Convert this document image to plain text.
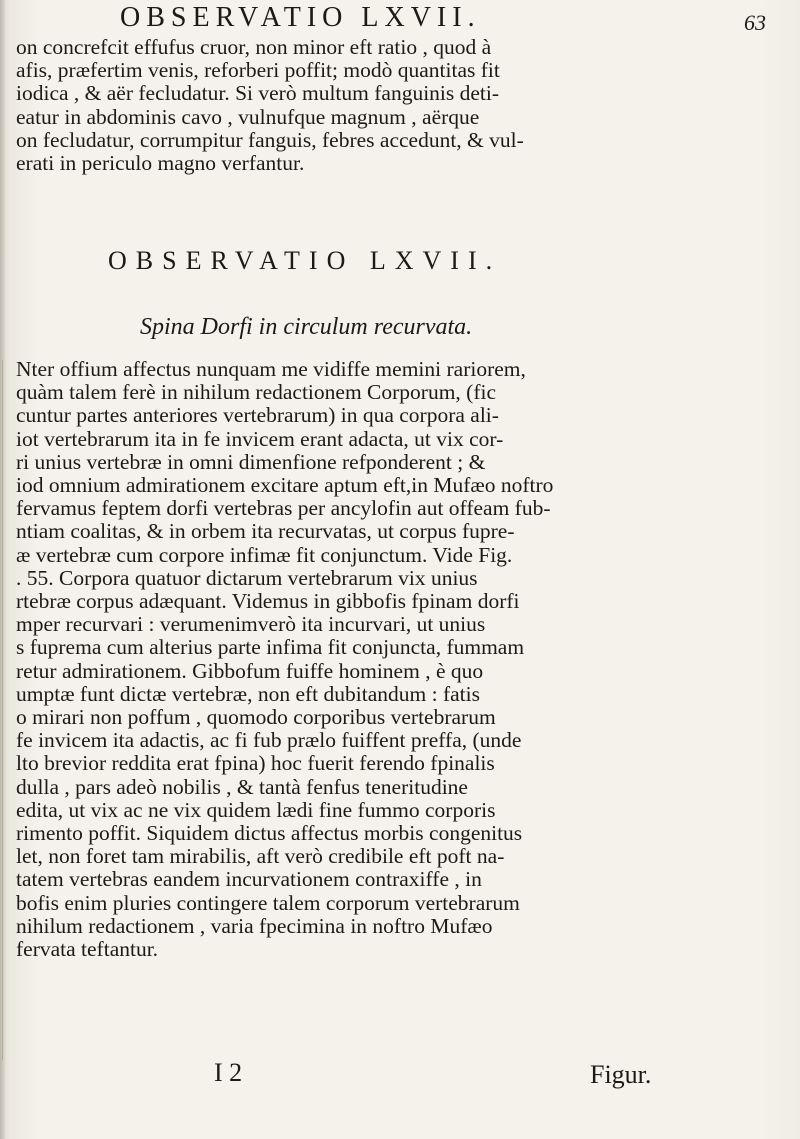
OBSERVATIO LXVII.	63
on concrefcit effufus cruor, non minor eft ratio , quod à
afis, præfertim venis, reforberi poffit; modò quantitas fit
iodica , & aër fecludatur. Si verò multum fanguinis deti-
eatur in abdominis cavo , vulnufque magnum , aërque
on fecludatur, corrumpitur fanguis, febres accedunt, & vul-
erati in periculo magno verfantur.
OBSERVATIO LXVII.
Spina Dorfi in circulum recurvata.
Nter offium affectus nunquam me vidiffe memini rariorem,
quàm talem ferè in nihilum redactionem Corporum, (fic
cuntur partes anteriores vertebrarum) in qua corpora ali-
iot vertebrarum ita in fe invicem erant adacta, ut vix cor-
ri unius vertebræ in omni dimenfione refponderent ; &
iod omnium admirationem excitare aptum eft,in Mufæo noftro
fervamus feptem dorfi vertebras per ancylofin aut offeam fub-
ntiam coalitas, & in orbem ita recurvatas, ut corpus fupre-
æ vertebræ cum corpore infimæ fit conjunctum. Vide Fig.
. 55. Corpora quatuor dictarum vertebrarum vix unius
rtebræ corpus adæquant. Videmus in gibbofis fpinam dorfi
mper recurvari : verumenimverò ita incurvari, ut unius
s fuprema cum alterius parte infima fit conjuncta, fummam
retur admirationem. Gibbofum fuiffe hominem , è quo
umptæ funt dictæ vertebræ, non eft dubitandum : fatis
o mirari non poffum , quomodo corporibus vertebrarum
fe invicem ita adactis, ac fi fub prælo fuiffent preffa, (unde
lto brevior reddita erat fpina) hoc fuerit ferendo fpinalis
dulla , pars adeò nobilis , & tantà fenfus teneritudine
edita, ut vix ac ne vix quidem lædi fine fummo corporis
rimento poffit. Siquidem dictus affectus morbis congenitus
let, non foret tam mirabilis, aft verò credibile eft poft na-
tatem vertebras eandem incurvationem contraxiffe , in
bofis enim pluries contingere talem corporum vertebrarum
nihilum redactionem , varia fpecimina in noftro Mufæo
fervata teftantur.
I 2	Figur.
